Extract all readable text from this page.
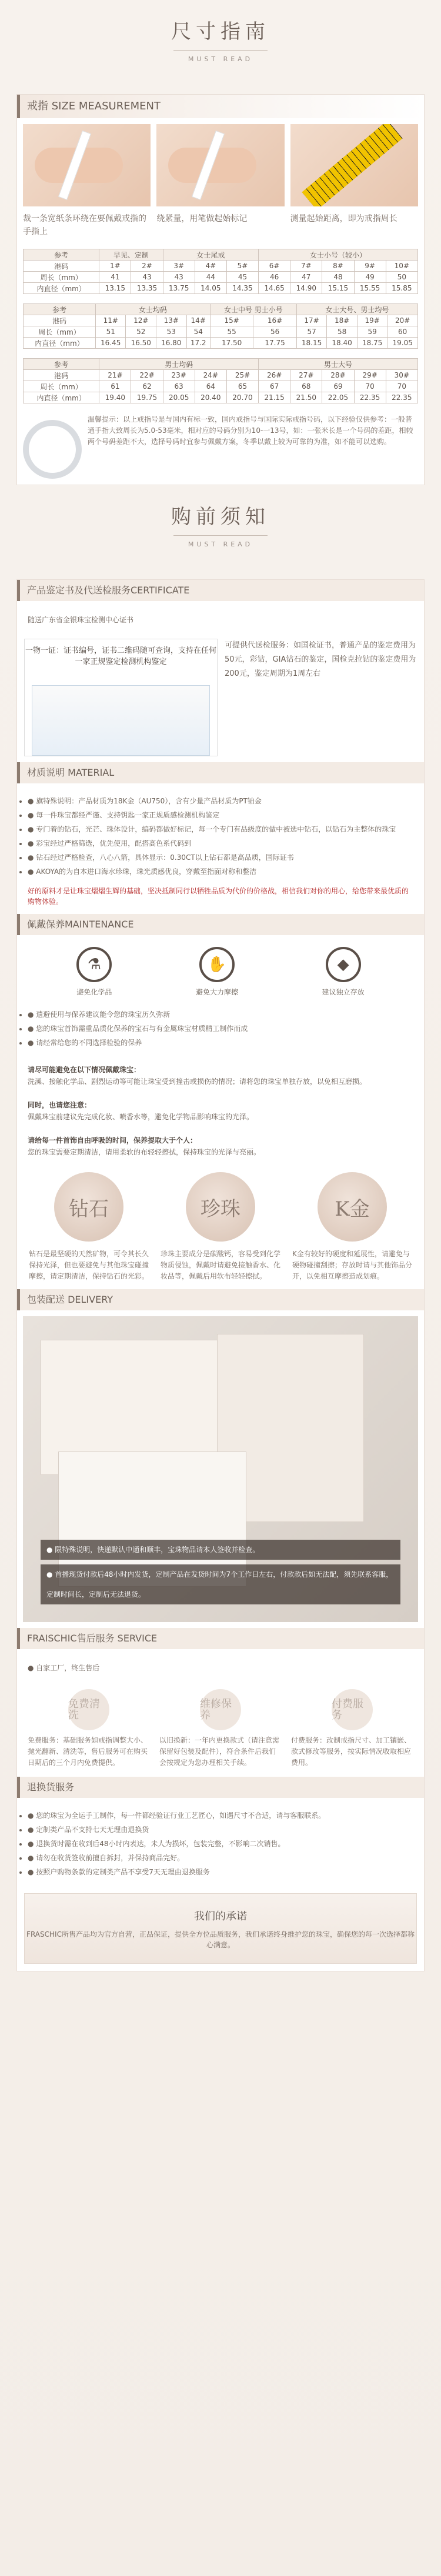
尺寸指南
MUST READ
戒指 SIZE MEASUREMENT
裁一条宽纸条环绕在要佩戴戒指的手指上
绕紧量，用笔做起始标记	测量起始距离，即为戒指周长
参考	早见、定制		女士尾戒			女士小号（较小）				
港码	1#	2#	3#	4#	5#	6#	7#	8#	9#	10#
周长（mm）	41	43	43	44	45	46	47	48	49	50
内直径（mm）	13.15	13.35	13.75	14.05	14.35	14.65	14.90	15.15	15.55	15.85
参考	女士均码				女士中号 男士小号		女士大号、男士均号			
港码	11#	12#	13#	14#	15#	16#	17#	18#	19#	20#
周长（mm）	51	52	53	54	55	56	57	58	59	60
内直径（mm）	16.45	16.50	16.80	17.2	17.50	17.75	18.15	18.40	18.75	19.05
参考	男士均码					男士大号				
港码	21#	22#	23#	24#	25#	26#	27#	28#	29#	30#
周长（mm）	61	62	63	64	65	67	68	69	70	70
内直径（mm）	19.40	19.75	20.05	20.40	20.70	21.15	21.50	22.05	22.35	22.35
温馨提示：以上戒指号是与国内有标一致，国内戒指号与国际实际戒指号码，以下经验仅供参考：一般普通手指大致周长为5.0-53毫米，相对应的号码分别为10-一13号，如：一张米长是一个号码的差距，相较两个号码差距不大，选择号码时宜参与佩戴方案，冬季以戴上较为可靠的为准，如不能可以选购。
购前须知
MUST READ
产品鉴定书及代送检服务CERTIFICATE
随送广东省金银珠宝检测中心证书
一物一证：证书编号，证书二维码随可查询，支持在任何一家正规鉴定检测机构鉴定
可提供代送检服务：如国检证书，普通产品的鉴定费用为50元，彩钻，GIA钻石的鉴定，国检克拉钻的鉴定费用为200元，鉴定周期为1周左右
材质说明 MATERIAL
• ● 旗特殊说明：产品材质为18K金（AU750），含有少量产品材质为PT铂金
• ● 每一件珠宝都经严谨、支持钥匙一家正规质感检测机构鉴定
• ● 专门着的钻石，光芒、珠体设计，编码都做好标记，每一个专门有品级度的做中被选中钻石，以钻石为主整体的珠宝
• ● 彩宝经过严格筛选，优先使用，配搭高色系代码到
• ● 钻石经过严格检查，八心八箭，具体显示：0.30CT以上钻石都是高品质，国际证书
• ● AKOYA的为自本进口海水珍珠，珠光质感优良，穿戴至指面对称和整洁
好的原料才是让珠宝熠熠生辉的基础，坚决抵制同行以牺牲品质为代价的价格战，相信我们对你的用心，给您带来最优质的购物体验。
佩戴保养MAINTENANCE
⚗
避免化学品
✋
避免大力摩擦
◆
建议独立存放
• ● 遗避使用与保养建议能令您的珠宝历久弥新
• ● 您的珠宝首饰需重品质化保养的宝石与有金属珠宝材质精工制作而成
• ● 请经常给您的不同选择检验的保养
请尽可能避免在以下情况佩戴珠宝：
洗澡、接触化学品、剧烈运动等可能让珠宝受到撞击或损伤的情况；请将您的珠宝单独存放，以免相互磨损。

同时，也请您注意：
佩戴珠宝前建议先完成化妆、喷香水等，避免化学物品影响珠宝的光泽。

请给每一件首饰自由呼吸的时间，保养提取大于个人：
您的珠宝需要定期清洁，请用柔软的布轻轻擦拭，保持珠宝的光泽与亮丽。
钻石
钻石是最坚硬的天然矿物，可令其长久保持光泽，但也要避免与其他珠宝碰撞摩擦，请定期清洁，保持钻石的光彩。
珍珠
珍珠主要成分是碳酸钙，容易受到化学物质侵蚀，佩戴时请避免接触香水、化妆品等，佩戴后用软布轻轻擦拭。
K金
K金有较好的硬度和延展性，请避免与硬物碰撞刮擦；存放时请与其他饰品分开，以免相互摩擦造成划痕。
包装配送 DELIVERY
● 限特殊说明，快递默认中通和顺丰，宝珠物品请本人签收并检查。
● 首播现货付款后48小时内发货，定制产品在发货时间为7个工作日左右，付款款后如无法配，须先联系客服，定制时间长，定制后无法退货。
FRAISCHIC售后服务 SERVICE
● 自家工厂，终生售后
免费清洗
免费服务：基础服务如戒指调整大小、抛光翻新、清洗等，售后服务可在购买日期后的三个月内免费提供。
维修保养
以旧换新：一年内更换款式（请注意需保留好包装及配件），符合条件后我们会按规定为您办理相关手续。
付费服务
付费服务：改制戒指尺寸、加工镶嵌、款式修改等服务，按实际情况收取相应费用。
退换货服务
• ● 您的珠宝为全运手工制作，每一件都经验证行业工艺匠心，如遇尺寸不合适，请与客服联系。
• ● 定制类产品不支持七天无理由退换货
• ● 退换货时需在收到后48小时内表达，未人为损坏，包装完整，不影响二次销售。
• ● 请勿在收货签收前擅自拆封，并保持商品完好。
• ● 按照户购物条款的定制类产品不享受7天无理由退换服务
我们的承诺
FRASCHIC所售产品均为官方自营，正品保证，提供全方位品质服务，我们承诺终身维护您的珠宝，确保您的每一次选择都称心满意。
